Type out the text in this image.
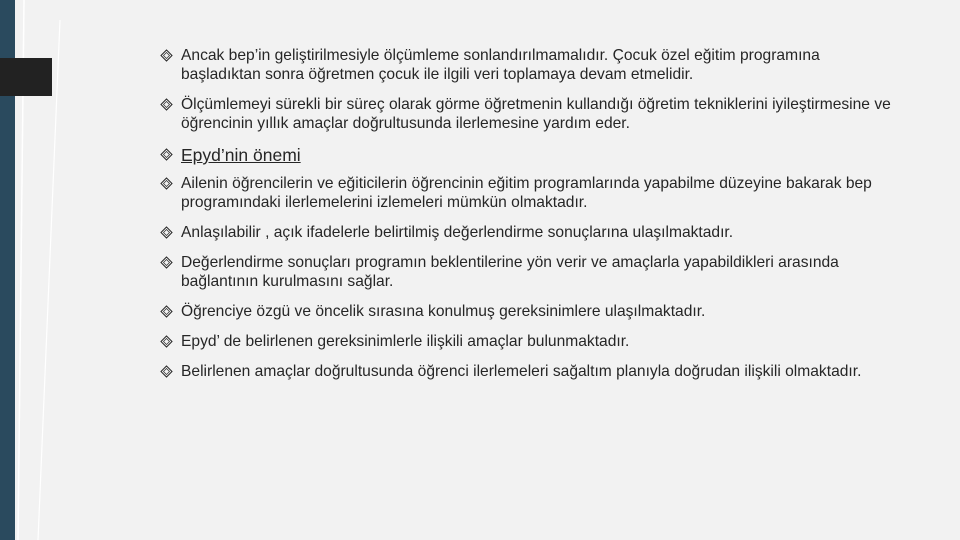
Ancak bep’in geliştirilmesiyle ölçümleme sonlandırılmamalıdır. Çocuk özel eğitim programına başladıktan sonra öğretmen çocuk ile ilgili veri toplamaya devam etmelidir.
Ölçümlemeyi sürekli bir süreç olarak görme öğretmenin kullandığı öğretim tekniklerini iyileştirmesine ve öğrencinin yıllık amaçlar doğrultusunda ilerlemesine yardım eder.
Epyd’nin önemi
Ailenin öğrencilerin ve eğiticilerin öğrencinin eğitim programlarında yapabilme düzeyine bakarak bep programındaki ilerlemelerini izlemeleri mümkün olmaktadır.
Anlaşılabilir , açık ifadelerle belirtilmiş değerlendirme sonuçlarına ulaşılmaktadır.
Değerlendirme sonuçları programın beklentilerine yön verir ve amaçlarla yapabildikleri arasında bağlantının kurulmasını sağlar.
Öğrenciye özgü ve öncelik sırasına konulmuş gereksinimlere ulaşılmaktadır.
Epyd’ de belirlenen gereksinimlerle ilişkili amaçlar bulunmaktadır.
Belirlenen amaçlar doğrultusunda öğrenci ilerlemeleri sağaltım planıyla doğrudan ilişkili olmaktadır.
